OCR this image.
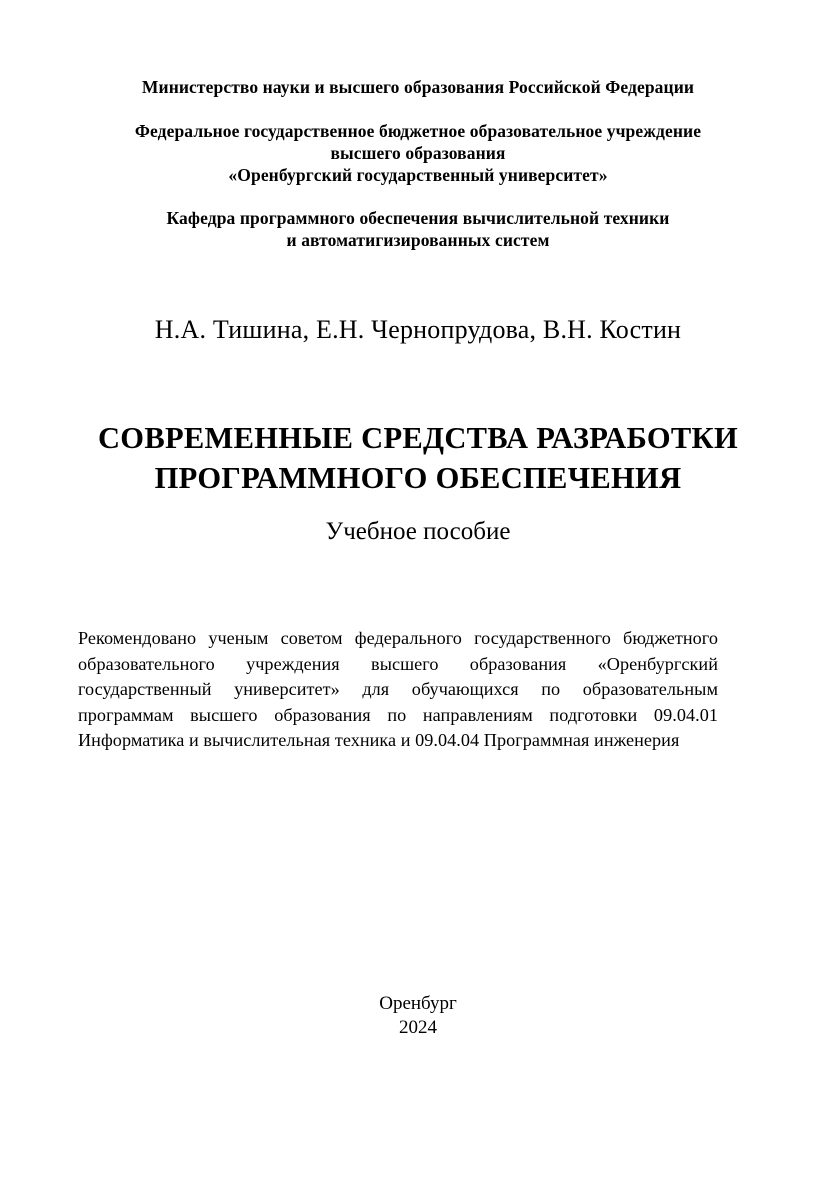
Министерство науки и высшего образования Российской Федерации
Федеральное государственное бюджетное образовательное учреждение
высшего образования
«Оренбургский государственный университет»
Кафедра программного обеспечения вычислительной техники
и автоматигизированных систем
Н.А. Тишина, Е.Н. Чернопрудова, В.Н. Костин
СОВРЕМЕННЫЕ СРЕДСТВА РАЗРАБОТКИ
ПРОГРАММНОГО ОБЕСПЕЧЕНИЯ
Учебное пособие
Рекомендовано ученым советом федерального государственного бюджетного образовательного учреждения высшего образования «Оренбургский государственный университет» для обучающихся по образовательным программам высшего образования по направлениям подготовки 09.04.01 Информатика и вычислительная техника и 09.04.04 Программная инженерия
Оренбург
2024
